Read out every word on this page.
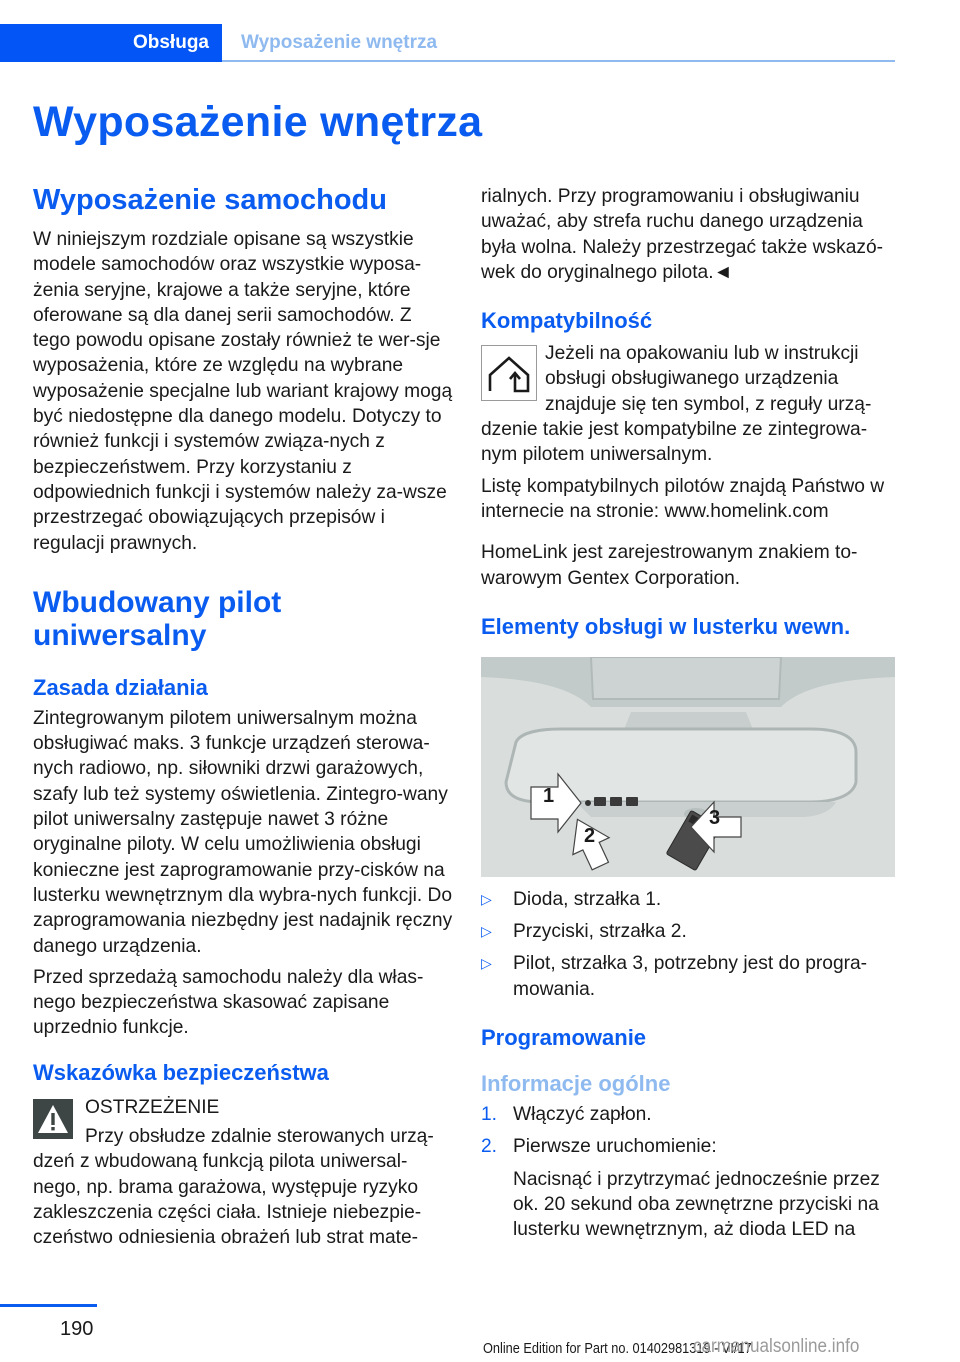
Obsługa	Wyposażenie wnętrza
Wyposażenie wnętrza
Wyposażenie samochodu

W niniejszym rozdziale opisane są wszystkie modele samochodów oraz wszystkie wyposa-żenia seryjne, krajowe a także seryjne, które oferowane są dla danej serii samochodów. Z tego powodu opisane zostały również te wer-sje wyposażenia, które ze względu na wybrane wyposażenie specjalne lub wariant krajowy mogą być niedostępne dla danego modelu. Dotyczy to również funkcji i systemów związa-nych z bezpieczeństwem. Przy korzystaniu z odpowiednich funkcji i systemów należy za-wsze przestrzegać obowiązujących przepisów i regulacji prawnych.

Wbudowany pilot uniwersalny
Zasada działania

Zintegrowanym pilotem uniwersalnym można obsługiwać maks. 3 funkcje urządzeń sterowa-nych radiowo, np. siłowniki drzwi garażowych, szafy lub też systemy oświetlenia. Zintegro-wany pilot uniwersalny zastępuje nawet 3 różne oryginalne piloty. W celu umożliwienia obsługi konieczne jest zaprogramowanie przy-cisków na lusterku wewnętrznym dla wybra-nych funkcji. Do zaprogramowania niezbędny jest nadajnik ręczny danego urządzenia.

Przed sprzedażą samochodu należy dla włas-nego bezpieczeństwa skasować zapisane uprzednio funkcje.

Wskazówka bezpieczeństwa
OSTRZEŻENIE

Przy obsłudze zdalnie sterowanych urzą-dzeń z wbudowaną funkcją pilota uniwersal-nego, np. brama garażowa, występuje ryzyko zakleszczenia części ciała. Istnieje niebezpie-czeństwo odniesienia obrażeń lub strat mate-

rialnych. Przy programowaniu i obsługiwaniu uważać, aby strefa ruchu danego urządzenia była wolna. Należy przestrzegać także wskazó-wek do oryginalnego pilota.◄

Kompatybilność

Jeżeli na opakowaniu lub w instrukcji obsługi obsługiwanego urządzenia znajduje się ten symbol, z reguły urzą-dzenie takie jest kompatybilne ze zintegrowa-nym pilotem uniwersalnym.

Listę kompatybilnych pilotów znajdą Państwo w internecie na stronie: www.homelink.com

HomeLink jest zarejestrowanym znakiem to-warowym Gentex Corporation.

Elementy obsługi w lusterku wewn.
1
2
3
▷ Dioda, strzałka 1.
▷ Przyciski, strzałka 2.
▷ Pilot, strzałka 3, potrzebny jest do progra-mowania.
Programowanie
Informacje ogólne
1. Włączyć zapłon.
2. Pierwsze uruchomienie:

Nacisnąć i przytrzymać jednocześnie przez ok. 20 sekund oba zewnętrzne przyciski na lusterku wewnętrznym, aż dioda LED na

190
Online Edition for Part no. 01402981319 - VI/17
carmanualsonline.info
